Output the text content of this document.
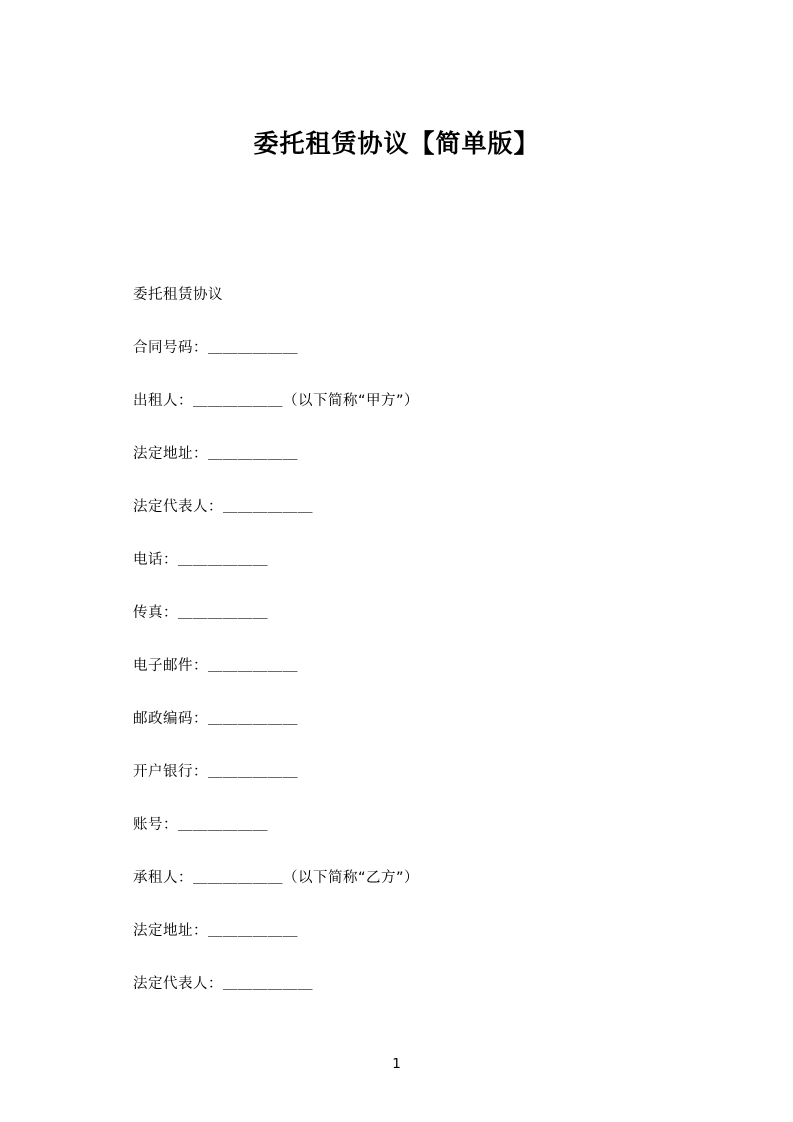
委托租赁协议【简单版】

委托租赁协议

合同号码：＿＿＿＿＿＿

出租人：＿＿＿＿＿＿（以下简称“甲方”）

法定地址：＿＿＿＿＿＿

法定代表人：＿＿＿＿＿＿

电话：＿＿＿＿＿＿

传真：＿＿＿＿＿＿

电子邮件：＿＿＿＿＿＿

邮政编码：＿＿＿＿＿＿

开户银行：＿＿＿＿＿＿

账号：＿＿＿＿＿＿

承租人：＿＿＿＿＿＿（以下简称“乙方”）

法定地址：＿＿＿＿＿＿

法定代表人：＿＿＿＿＿＿

1
